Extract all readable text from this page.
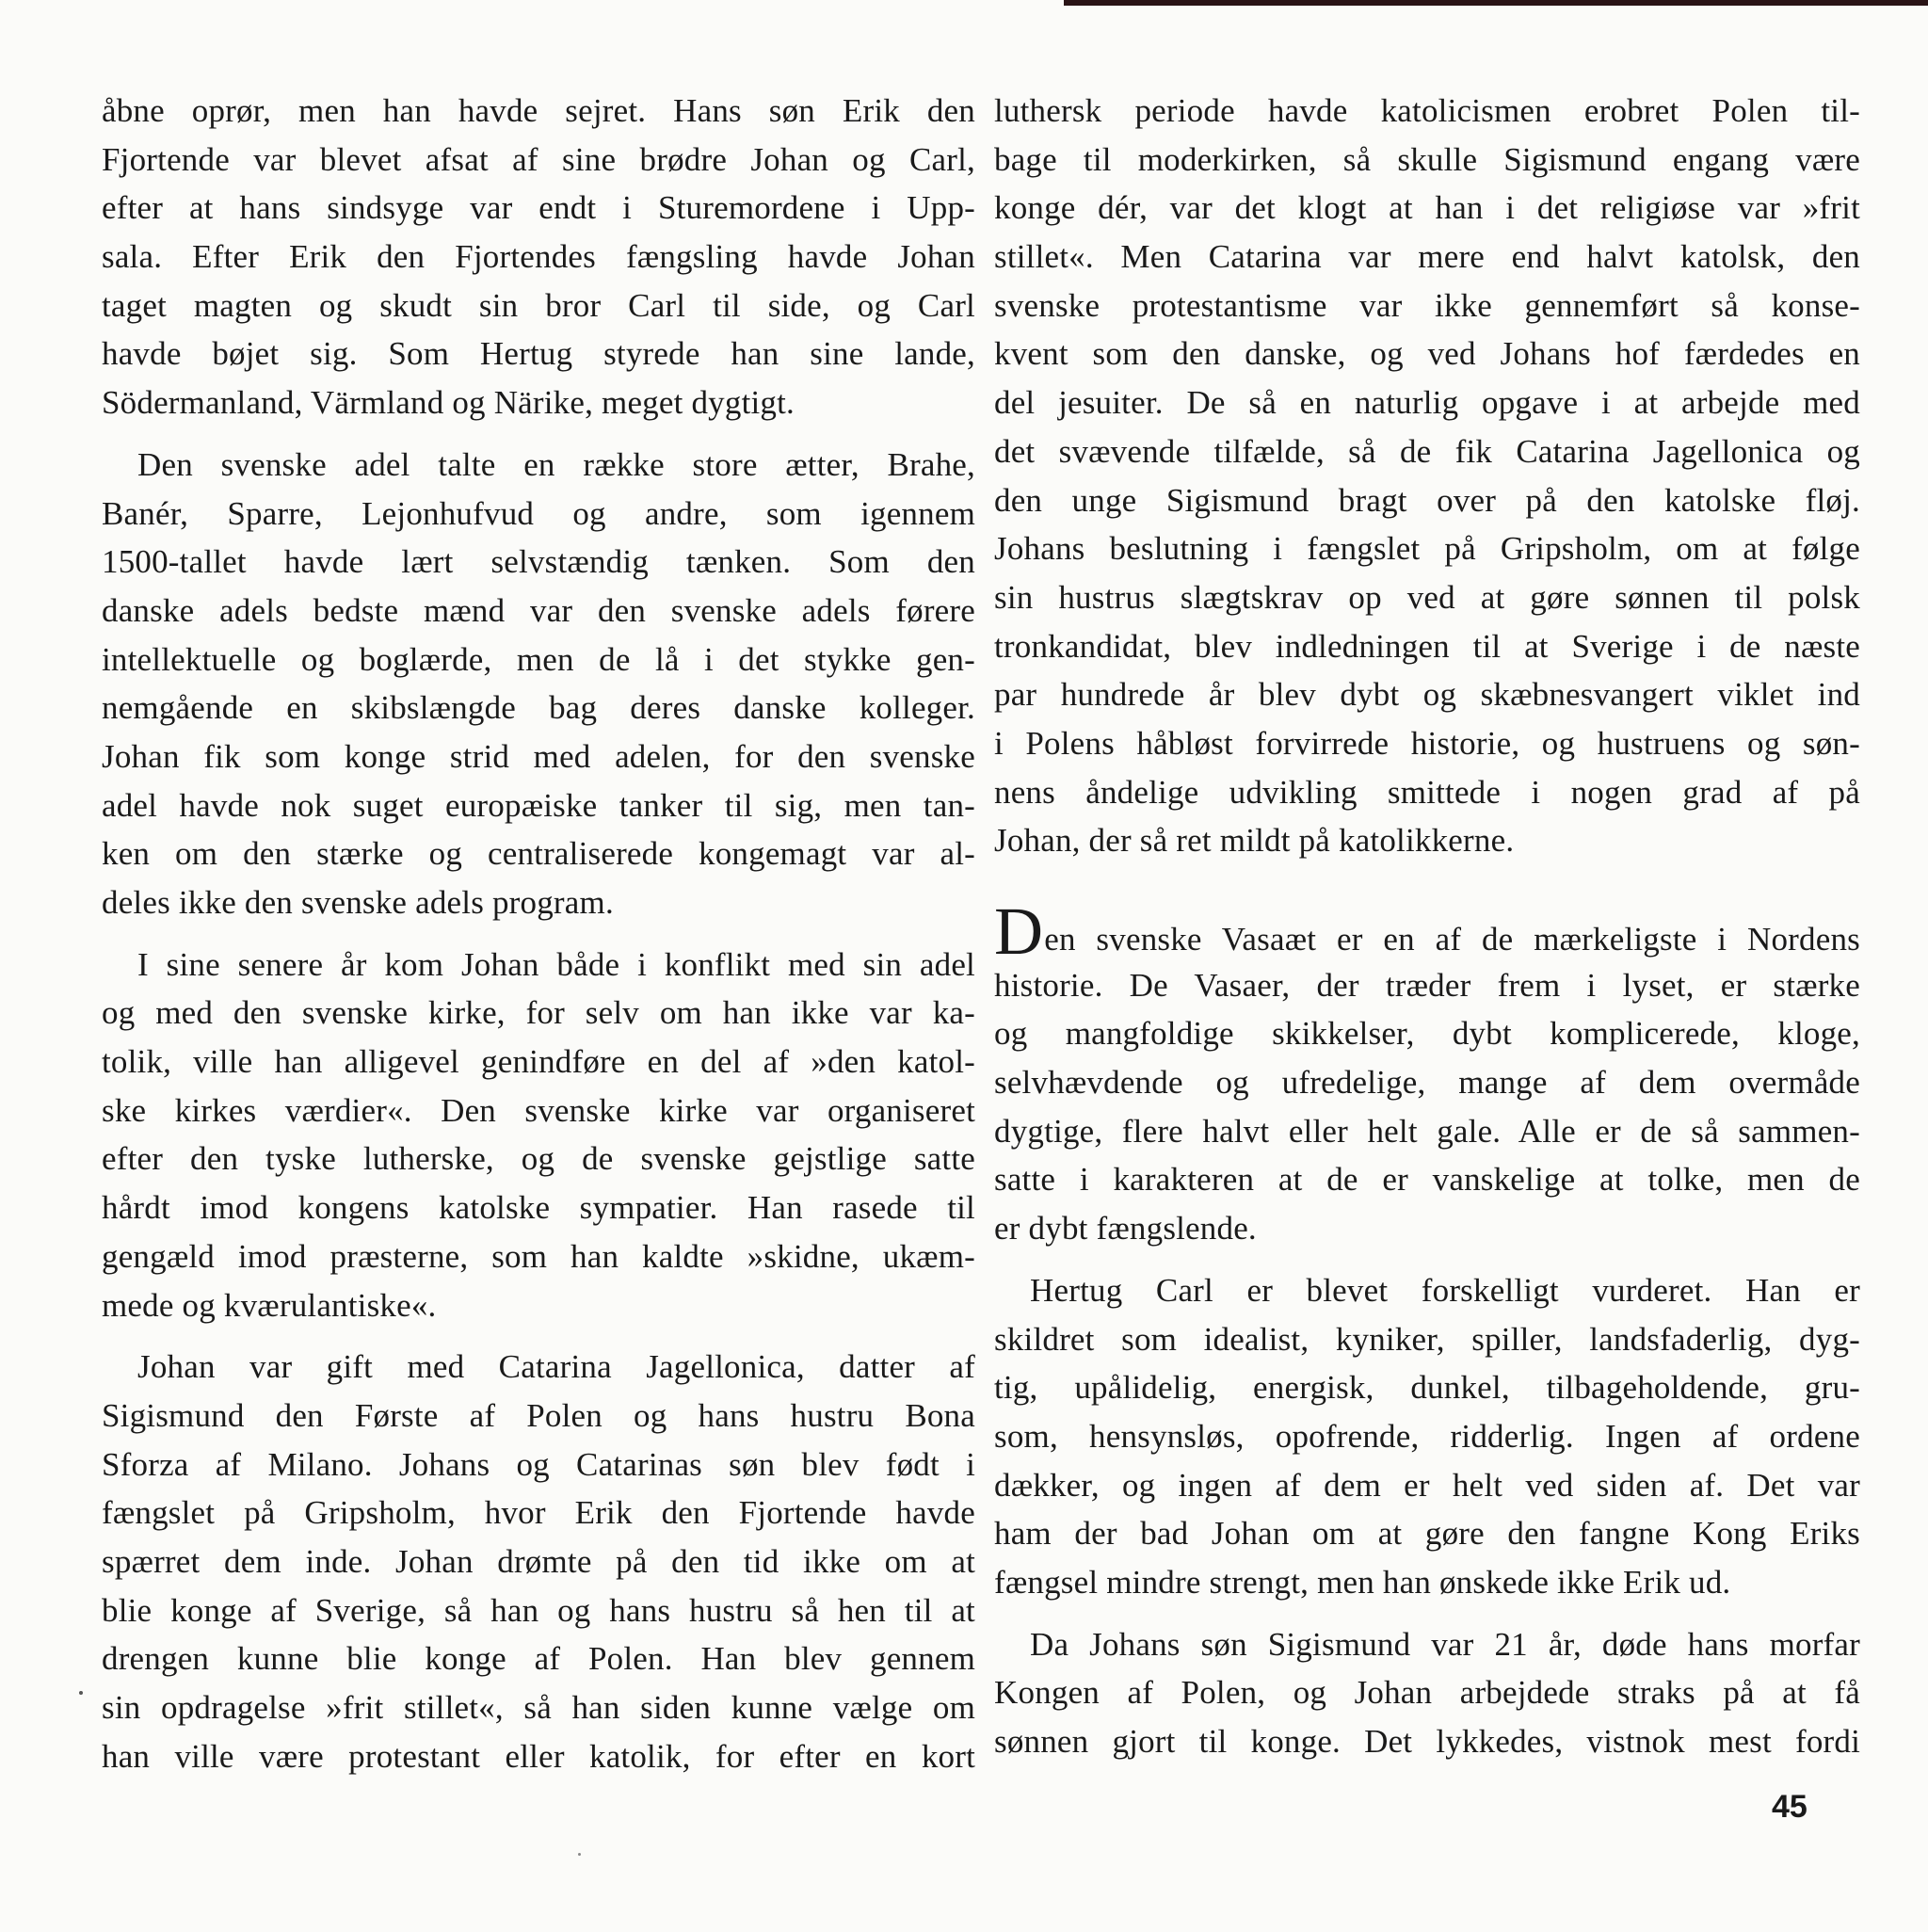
åbne oprør, men han havde sejret. Hans søn Erik den
Fjortende var blevet afsat af sine brødre Johan og Carl,
efter at hans sindsyge var endt i Sturemordene i Upp-
sala. Efter Erik den Fjortendes fængsling havde Johan
taget magten og skudt sin bror Carl til side, og Carl
havde bøjet sig. Som Hertug styrede han sine lande,
Södermanland, Värmland og Närike, meget dygtigt.
Den svenske adel talte en række store ætter, Brahe,
Banér, Sparre, Lejonhufvud og andre, som igennem
1500-tallet havde lært selvstændig tænken. Som den
danske adels bedste mænd var den svenske adels førere
intellektuelle og boglærde, men de lå i det stykke gen-
nemgående en skibslængde bag deres danske kolleger.
Johan fik som konge strid med adelen, for den svenske
adel havde nok suget europæiske tanker til sig, men tan-
ken om den stærke og centraliserede kongemagt var al-
deles ikke den svenske adels program.
I sine senere år kom Johan både i konflikt med sin adel
og med den svenske kirke, for selv om han ikke var ka-
tolik, ville han alligevel genindføre en del af »den katol-
ske kirkes værdier«. Den svenske kirke var organiseret
efter den tyske lutherske, og de svenske gejstlige satte
hårdt imod kongens katolske sympatier. Han rasede til
gengæld imod præsterne, som han kaldte »skidne, ukæm-
mede og kværulantiske«.
Johan var gift med Catarina Jagellonica, datter af
Sigismund den Første af Polen og hans hustru Bona
Sforza af Milano. Johans og Catarinas søn blev født i
fængslet på Gripsholm, hvor Erik den Fjortende havde
spærret dem inde. Johan drømte på den tid ikke om at
blie konge af Sverige, så han og hans hustru så hen til at
drengen kunne blie konge af Polen. Han blev gennem
sin opdragelse »frit stillet«, så han siden kunne vælge om
han ville være protestant eller katolik, for efter en kort
luthersk periode havde katolicismen erobret Polen til-
bage til moderkirken, så skulle Sigismund engang være
konge dér, var det klogt at han i det religiøse var »frit
stillet«. Men Catarina var mere end halvt katolsk, den
svenske protestantisme var ikke gennemført så konse-
kvent som den danske, og ved Johans hof færdedes en
del jesuiter. De så en naturlig opgave i at arbejde med
det svævende tilfælde, så de fik Catarina Jagellonica og
den unge Sigismund bragt over på den katolske fløj.
Johans beslutning i fængslet på Gripsholm, om at følge
sin hustrus slægtskrav op ved at gøre sønnen til polsk
tronkandidat, blev indledningen til at Sverige i de næste
par hundrede år blev dybt og skæbnesvangert viklet ind
i Polens håbløst forvirrede historie, og hustruens og søn-
nens åndelige udvikling smittede i nogen grad af på
Johan, der så ret mildt på katolikkerne.
Den svenske Vasaæt er en af de mærkeligste i Nordens
historie. De Vasaer, der træder frem i lyset, er stærke
og mangfoldige skikkelser, dybt komplicerede, kloge,
selvhævdende og ufredelige, mange af dem overmåde
dygtige, flere halvt eller helt gale. Alle er de så sammen-
satte i karakteren at de er vanskelige at tolke, men de
er dybt fængslende.
Hertug Carl er blevet forskelligt vurderet. Han er
skildret som idealist, kyniker, spiller, landsfaderlig, dyg-
tig, upålidelig, energisk, dunkel, tilbageholdende, gru-
som, hensynsløs, opofrende, ridderlig. Ingen af ordene
dækker, og ingen af dem er helt ved siden af. Det var
ham der bad Johan om at gøre den fangne Kong Eriks
fængsel mindre strengt, men han ønskede ikke Erik ud.
Da Johans søn Sigismund var 21 år, døde hans morfar
Kongen af Polen, og Johan arbejdede straks på at få
sønnen gjort til konge. Det lykkedes, vistnok mest fordi
45
